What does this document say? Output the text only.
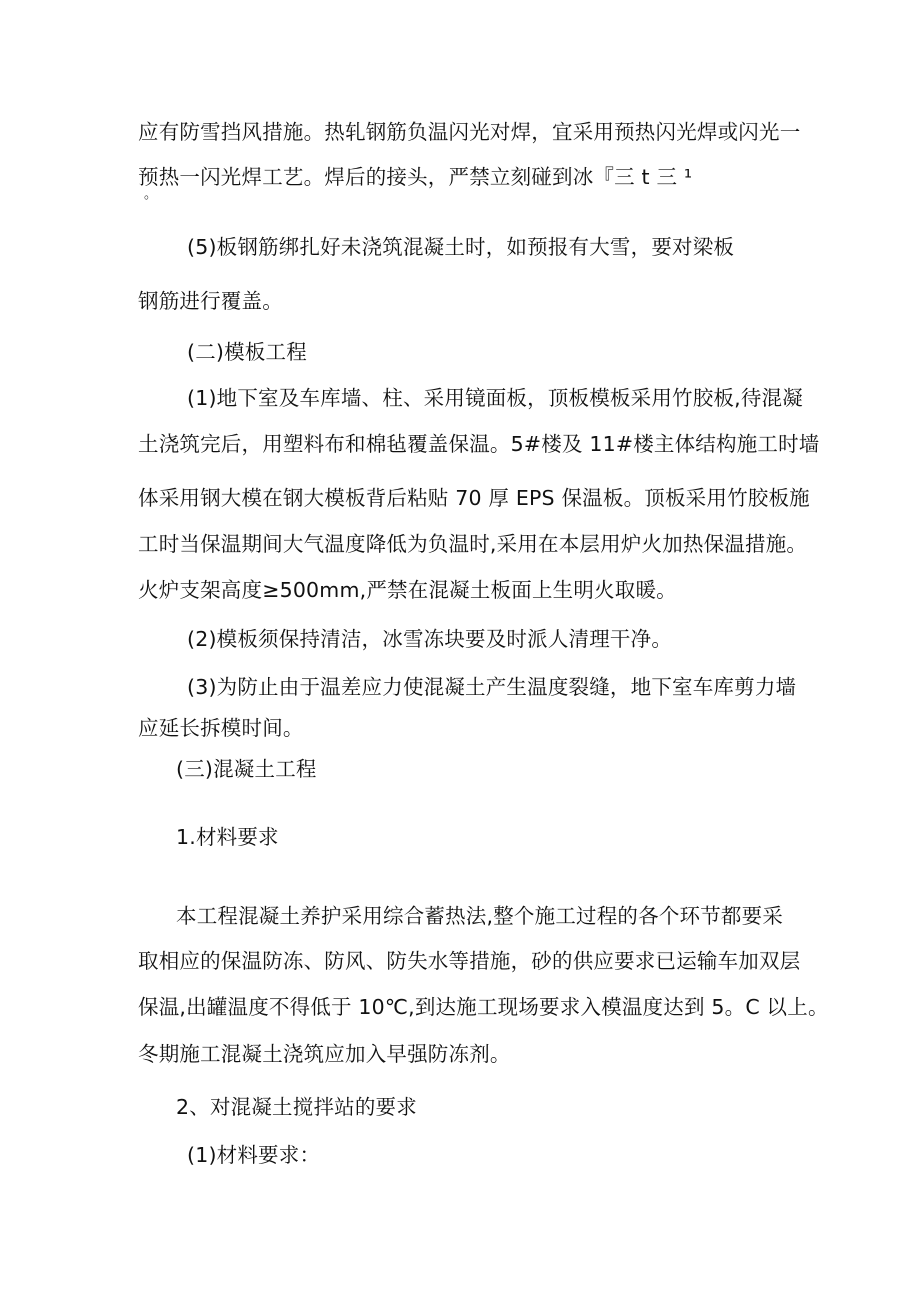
应有防雪挡风措施。热轧钢筋负温闪光对焊，宜采用预热闪光焊或闪光一
预热一闪光焊工艺。焊后的接头，严禁立刻碰到冰『三 t 三 ¹
。
(5)板钢筋绑扎好未浇筑混凝土时，如预报有大雪，要对梁板
钢筋进行覆盖。
(二)模板工程
(1)地下室及车库墙、柱、采用镜面板，顶板模板采用竹胶板,待混凝
土浇筑完后，用塑料布和棉毡覆盖保温。5#楼及 11#楼主体结构施工时墙
体采用钢大模在钢大模板背后粘贴 70 厚 EPS 保温板。顶板采用竹胶板施
工时当保温期间大气温度降低为负温时,采用在本层用炉火加热保温措施。
火炉支架高度≥500mm,严禁在混凝土板面上生明火取暖。
(2)模板须保持清洁，冰雪冻块要及时派人清理干净。
(3)为防止由于温差应力使混凝土产生温度裂缝，地下室车库剪力墙
应延长拆模时间。
(三)混凝土工程
1.材料要求
本工程混凝土养护采用综合蓄热法,整个施工过程的各个环节都要采
取相应的保温防冻、防风、防失水等措施，砂的供应要求已运输车加双层
保温,出罐温度不得低于 10℃,到达施工现场要求入模温度达到 5。C 以上。
冬期施工混凝土浇筑应加入早强防冻剂。
2、对混凝土搅拌站的要求
(1)材料要求：
